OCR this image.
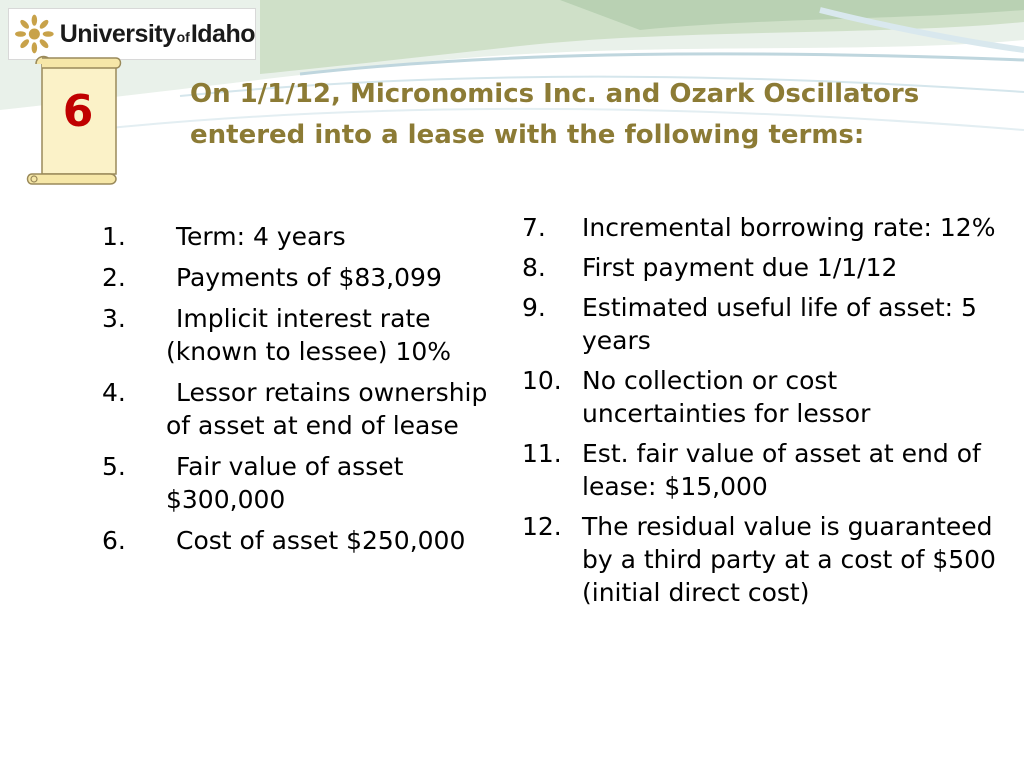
University of Idaho
6	On 1/1/12, Micronomics Inc. and Ozark Oscillators entered into a lease with the following terms:
1.	Term: 4 years
2.	Payments of $83,099
3.	Implicit interest rate (known to lessee) 10%
4.	Lessor retains ownership of asset at end of lease
5.	Fair value of asset $300,000
6.	Cost of asset $250,000
7.	Incremental borrowing rate: 12%
8.	First payment due 1/1/12
9.	Estimated useful life of asset: 5 years
10. No collection or cost uncertainties for lessor
11. Est. fair value of asset at end of lease: $15,000
12. The residual value is guaranteed by a third party at a cost of $500 (initial direct cost)
